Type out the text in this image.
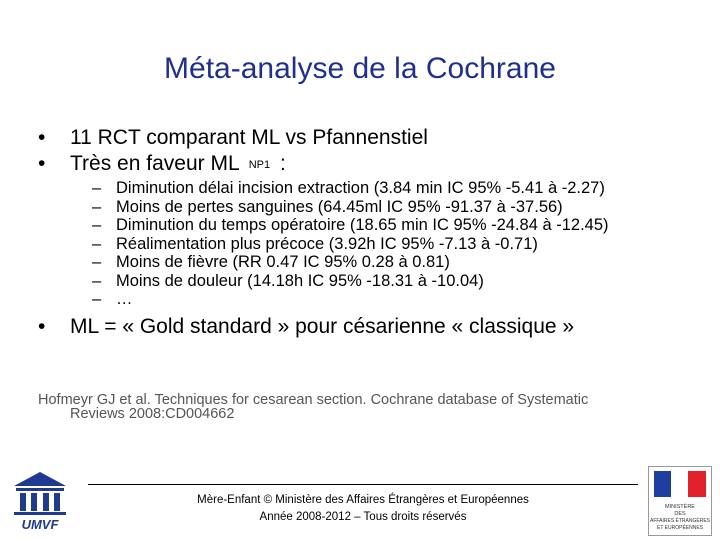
Méta-analyse de la Cochrane
•	11 RCT comparant ML vs Pfannenstiel
•	Très en faveur ML NP1 :
– Diminution délai incision extraction (3.84 min IC 95% -5.41 à -2.27)
– Moins de pertes sanguines (64.45ml IC 95% -91.37 à -37.56)
– Diminution du temps opératoire (18.65 min IC 95% -24.84 à -12.45)
– Réalimentation plus précoce (3.92h IC 95% -7.13 à -0.71)
– Moins de fièvre (RR 0.47 IC 95% 0.28 à 0.81)
– Moins de douleur (14.18h IC 95% -18.31 à -10.04)
– …
•	ML = « Gold standard » pour césarienne « classique »
Hofmeyr GJ et al. Techniques for cesarean section. Cochrane database of Systematic
Reviews 2008:CD004662
UMVF
MINISTÈRE
DES
AFFAIRES ÉTRANGÈRES
ET EUROPÉENNES
Mère-Enfant © Ministère des Affaires Étrangères et Européennes
Année 2008-2012 – Tous droits réservés
